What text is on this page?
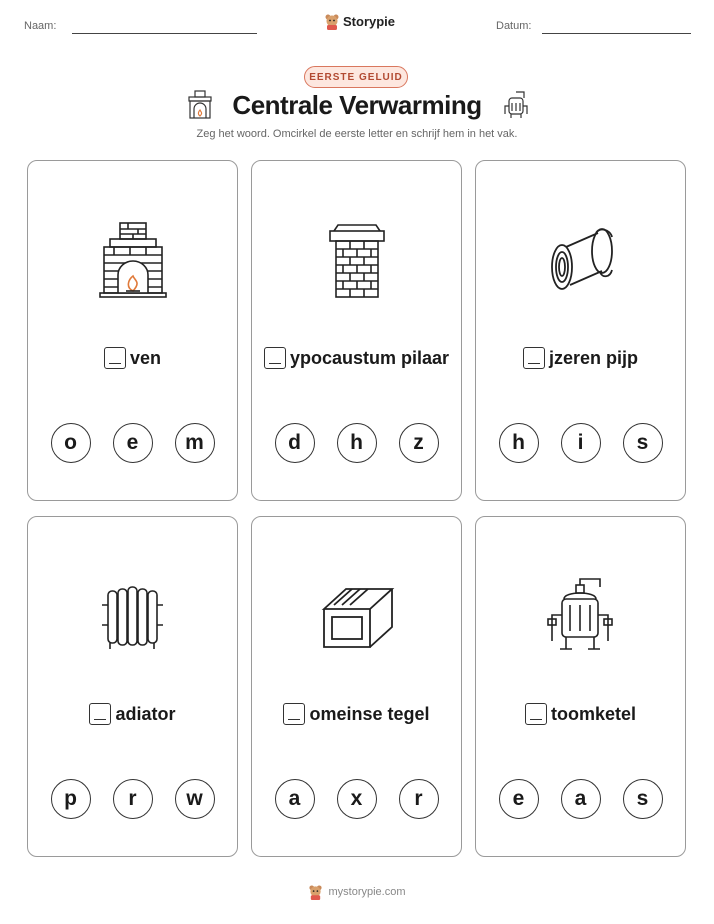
Naam:	Storypie	Datum:
EERSTE GELUID
Centrale Verwarming
Zeg het woord. Omcirkel de eerste letter en schrijf hem in het vak.
ven
o	e	m
ypocaustum pilaar
d	h	z
jzeren pijp
h	i	s
adiator
p	r	w
omeinse tegel
a	x	r
toomketel
e	a	s
mystorypie.com
